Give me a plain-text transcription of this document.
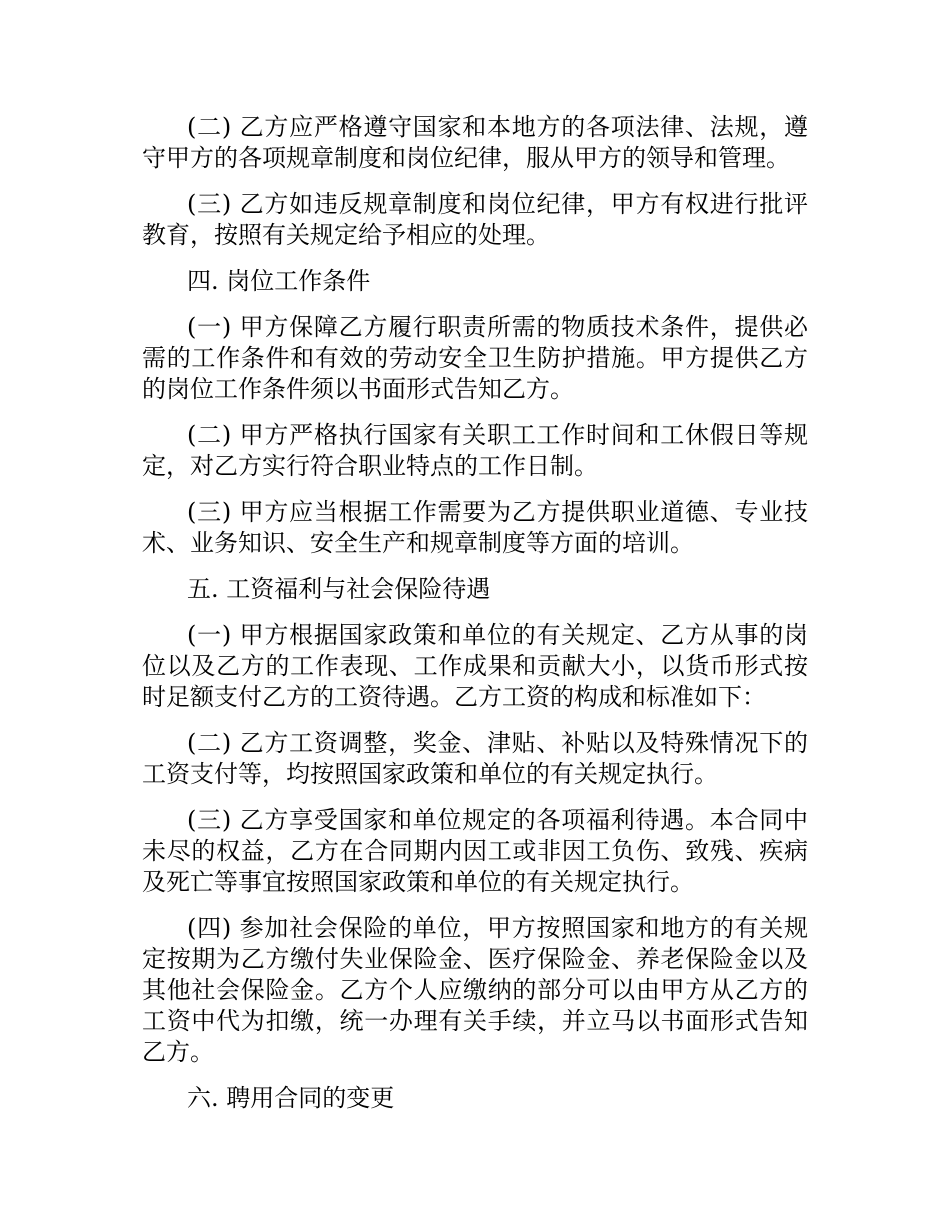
(二) 乙方应严格遵守国家和本地方的各项法律、法规，遵守甲方的各项规章制度和岗位纪律，服从甲方的领导和管理。

(三) 乙方如违反规章制度和岗位纪律，甲方有权进行批评教育，按照有关规定给予相应的处理。

四. 岗位工作条件

(一) 甲方保障乙方履行职责所需的物质技术条件，提供必需的工作条件和有效的劳动安全卫生防护措施。甲方提供乙方的岗位工作条件须以书面形式告知乙方。

(二) 甲方严格执行国家有关职工工作时间和工休假日等规定，对乙方实行符合职业特点的工作日制。

(三) 甲方应当根据工作需要为乙方提供职业道德、专业技术、业务知识、安全生产和规章制度等方面的培训。

五. 工资福利与社会保险待遇

(一) 甲方根据国家政策和单位的有关规定、乙方从事的岗位以及乙方的工作表现、工作成果和贡献大小，以货币形式按时足额支付乙方的工资待遇。乙方工资的构成和标准如下：

(二) 乙方工资调整，奖金、津贴、补贴以及特殊情况下的工资支付等，均按照国家政策和单位的有关规定执行。

(三) 乙方享受国家和单位规定的各项福利待遇。本合同中未尽的权益，乙方在合同期内因工或非因工负伤、致残、疾病及死亡等事宜按照国家政策和单位的有关规定执行。

(四) 参加社会保险的单位，甲方按照国家和地方的有关规定按期为乙方缴付失业保险金、医疗保险金、养老保险金以及其他社会保险金。乙方个人应缴纳的部分可以由甲方从乙方的工资中代为扣缴，统一办理有关手续，并立马以书面形式告知乙方。

六. 聘用合同的变更
